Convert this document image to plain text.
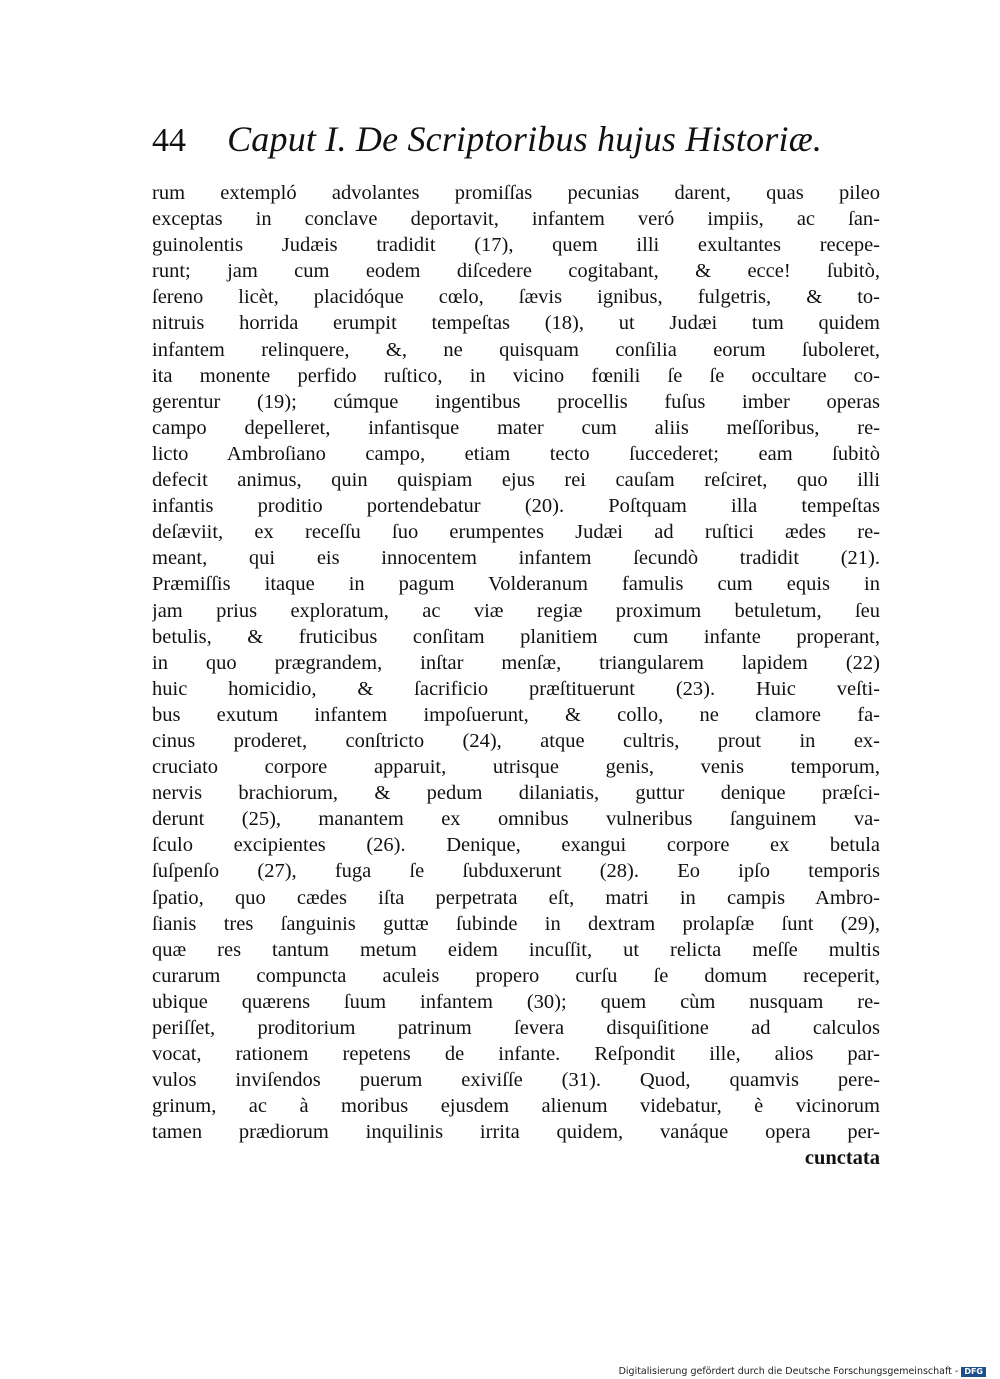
44 Caput I. De Scriptoribus hujus Historiæ.
rum extempló advolantes promiſſas pecunias darent, quas pileo
exceptas in conclave deportavit, infantem veró impiis, ac ſan-
guinolentis Judæis tradidit (17), quem illi exultantes recepe-
runt; jam cum eodem diſcedere cogitabant, & ecce! ſubitò,
ſereno licèt, placidóque cœlo, ſævis ignibus, fulgetris, & to-
nitruis horrida erumpit tempeſtas (18), ut Judæi tum quidem
infantem relinquere, &, ne quisquam conſilia eorum ſuboleret,
ita monente perfido ruſtico, in vicino fœnili ſe ſe occultare co-
gerentur (19); cúmque ingentibus procellis fuſus imber operas
campo depelleret, infantisque mater cum aliis meſſoribus, re-
licto Ambroſiano campo, etiam tecto ſuccederet; eam ſubitò
defecit animus, quin quispiam ejus rei cauſam reſciret, quo illi
infantis proditio portendebatur (20). Poſtquam illa tempeſtas
deſæviit, ex receſſu ſuo erumpentes Judæi ad ruſtici ædes re-
meant, qui eis innocentem infantem ſecundò tradidit (21).
Præmiſſis itaque in pagum Volderanum famulis cum equis in
jam prius exploratum, ac viæ regiæ proximum betuletum, ſeu
betulis, & fruticibus conſitam planitiem cum infante properant,
in quo prægrandem, inſtar menſæ, triangularem lapidem (22)
huic homicidio, & ſacrificio præſtituerunt (23). Huic veſti-
bus exutum infantem impoſuerunt, & collo, ne clamore fa-
cinus proderet, conſtricto (24), atque cultris, prout in ex-
cruciato corpore apparuit, utrisque genis, venis temporum,
nervis brachiorum, & pedum dilaniatis, guttur denique præſci-
derunt (25), manantem ex omnibus vulneribus ſanguinem va-
ſculo excipientes (26). Denique, exangui corpore ex betula
ſuſpenſo (27), fuga ſe ſubduxerunt (28). Eo ipſo temporis
ſpatio, quo cædes iſta perpetrata eſt, matri in campis Ambro-
ſianis tres ſanguinis guttæ ſubinde in dextram prolapſæ ſunt (29),
quæ res tantum metum eidem incuſſit, ut relicta meſſe multis
curarum compuncta aculeis propero curſu ſe domum receperit,
ubique quærens ſuum infantem (30); quem cùm nusquam re-
periſſet, proditorium patrinum ſevera disquiſitione ad calculos
vocat, rationem repetens de infante. Reſpondit ille, alios par-
vulos inviſendos puerum exiviſſe (31). Quod, quamvis pere-
grinum, ac à moribus ejusdem alienum videbatur, è vicinorum
tamen prædiorum inquilinis irrita quidem, vanáque opera per-
cunctata
Digitalisierung gefördert durch die Deutsche Forschungsgemeinschaft - DFG
